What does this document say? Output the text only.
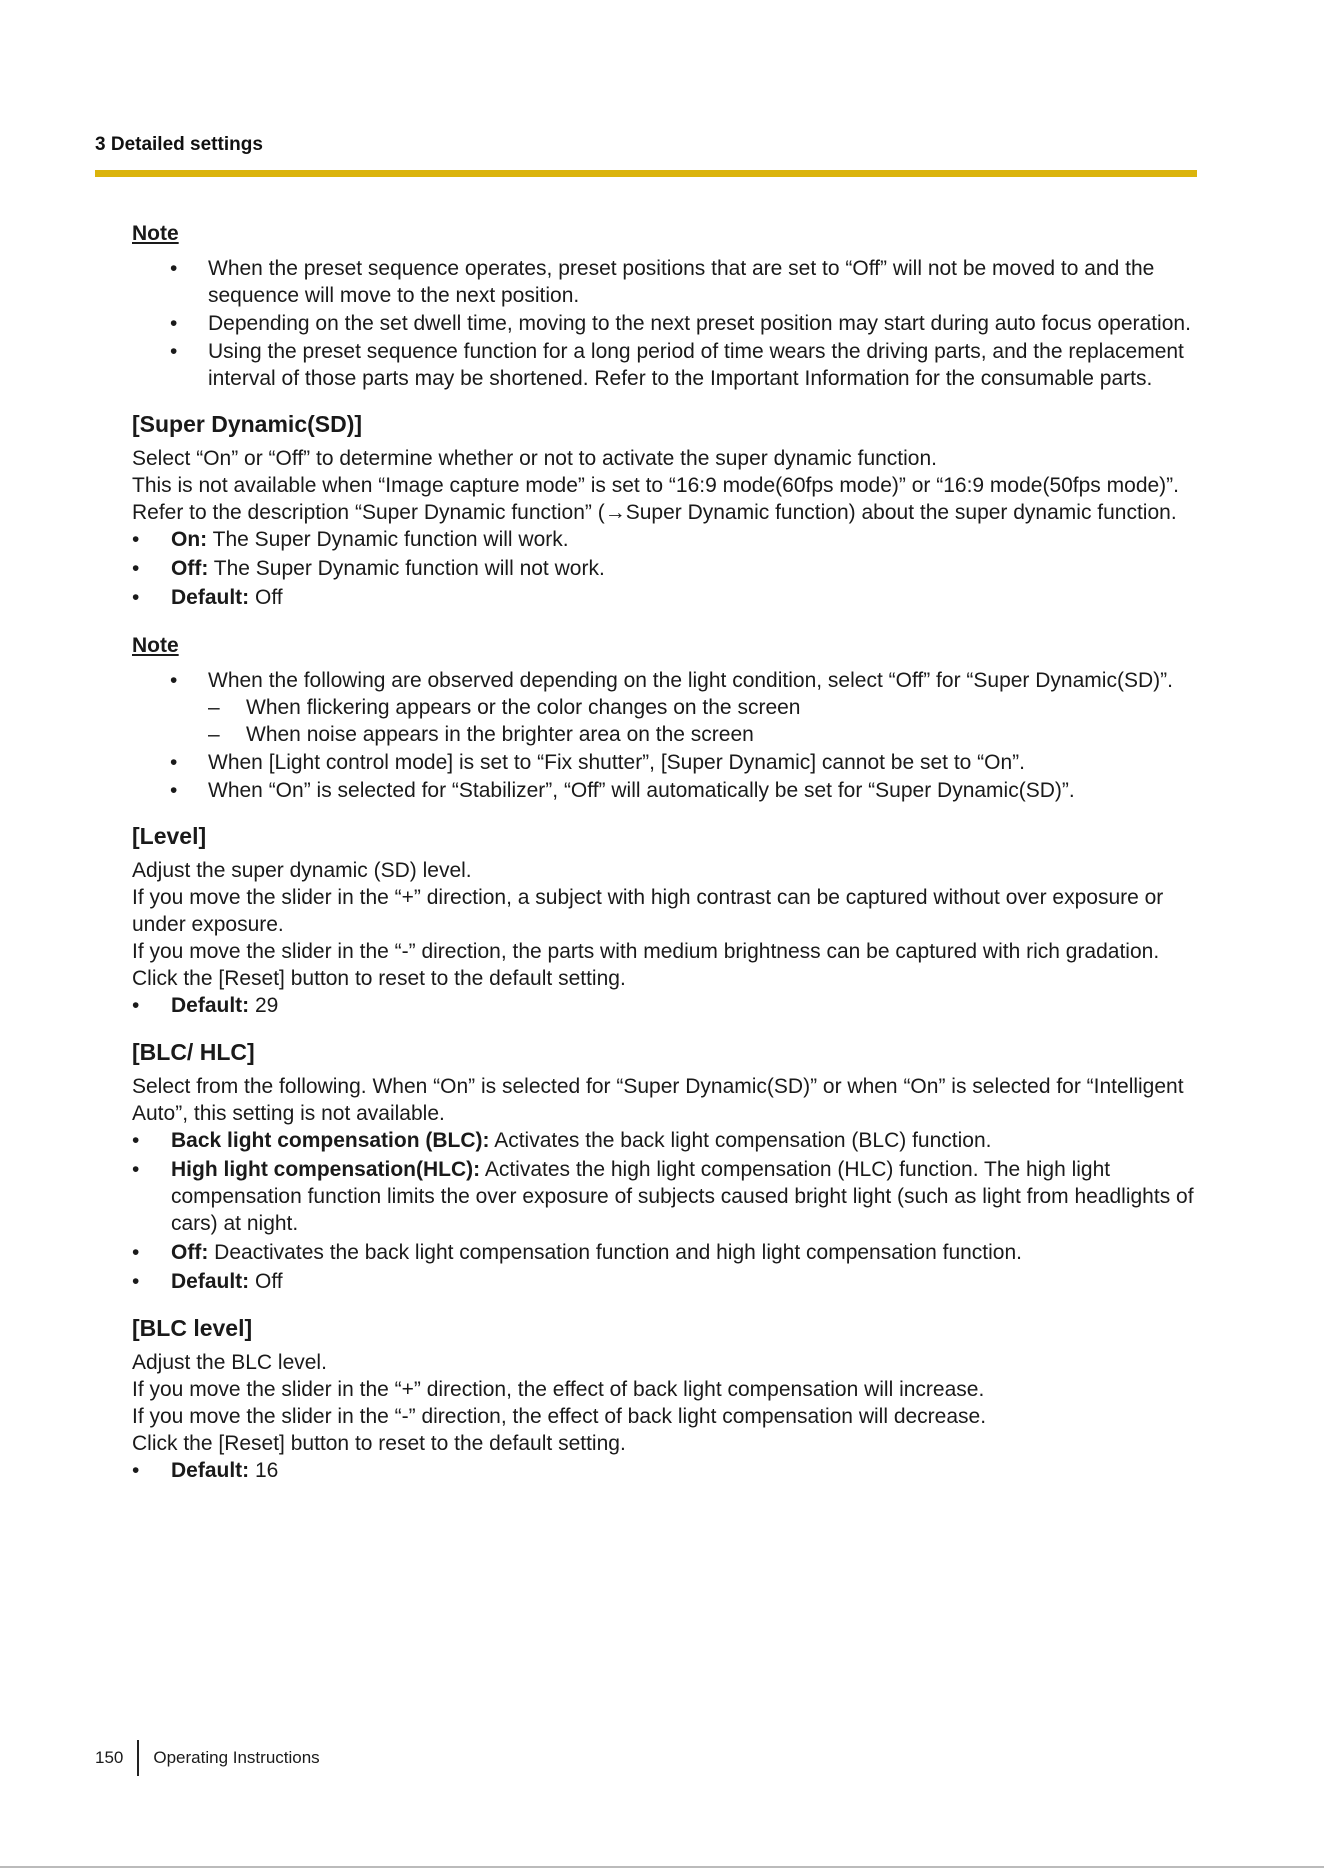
3 Detailed settings
Note
• When the preset sequence operates, preset positions that are set to “Off” will not be moved to and the sequence will move to the next position.
• Depending on the set dwell time, moving to the next preset position may start during auto focus operation.
• Using the preset sequence function for a long period of time wears the driving parts, and the replacement interval of those parts may be shortened. Refer to the Important Information for the consumable parts.
[Super Dynamic(SD)]

Select “On” or “Off” to determine whether or not to activate the super dynamic function.

This is not available when “Image capture mode” is set to “16:9 mode(60fps mode)” or “16:9 mode(50fps mode)”.

Refer to the description “Super Dynamic function” (→Super Dynamic function) about the super dynamic function.

• On: The Super Dynamic function will work.
• Off: The Super Dynamic function will not work.
• Default: Off
Note
• When the following are observed depending on the light condition, select “Off” for “Super Dynamic(SD)”.
– When flickering appears or the color changes on the screen
– When noise appears in the brighter area on the screen
• When [Light control mode] is set to “Fix shutter”, [Super Dynamic] cannot be set to “On”.
• When “On” is selected for “Stabilizer”, “Off” will automatically be set for “Super Dynamic(SD)”.
[Level]

Adjust the super dynamic (SD) level.

If you move the slider in the “+” direction, a subject with high contrast can be captured without over exposure or under exposure.

If you move the slider in the “-” direction, the parts with medium brightness can be captured with rich gradation.

Click the [Reset] button to reset to the default setting.

• Default: 29
[BLC/ HLC]

Select from the following. When “On” is selected for “Super Dynamic(SD)” or when “On” is selected for “Intelligent Auto”, this setting is not available.

• Back light compensation (BLC): Activates the back light compensation (BLC) function.
• High light compensation(HLC): Activates the high light compensation (HLC) function. The high light compensation function limits the over exposure of subjects caused bright light (such as light from headlights of cars) at night.
• Off: Deactivates the back light compensation function and high light compensation function.
• Default: Off
[BLC level]

Adjust the BLC level.

If you move the slider in the “+” direction, the effect of back light compensation will increase.

If you move the slider in the “-” direction, the effect of back light compensation will decrease.

Click the [Reset] button to reset to the default setting.

• Default: 16
150	Operating Instructions
